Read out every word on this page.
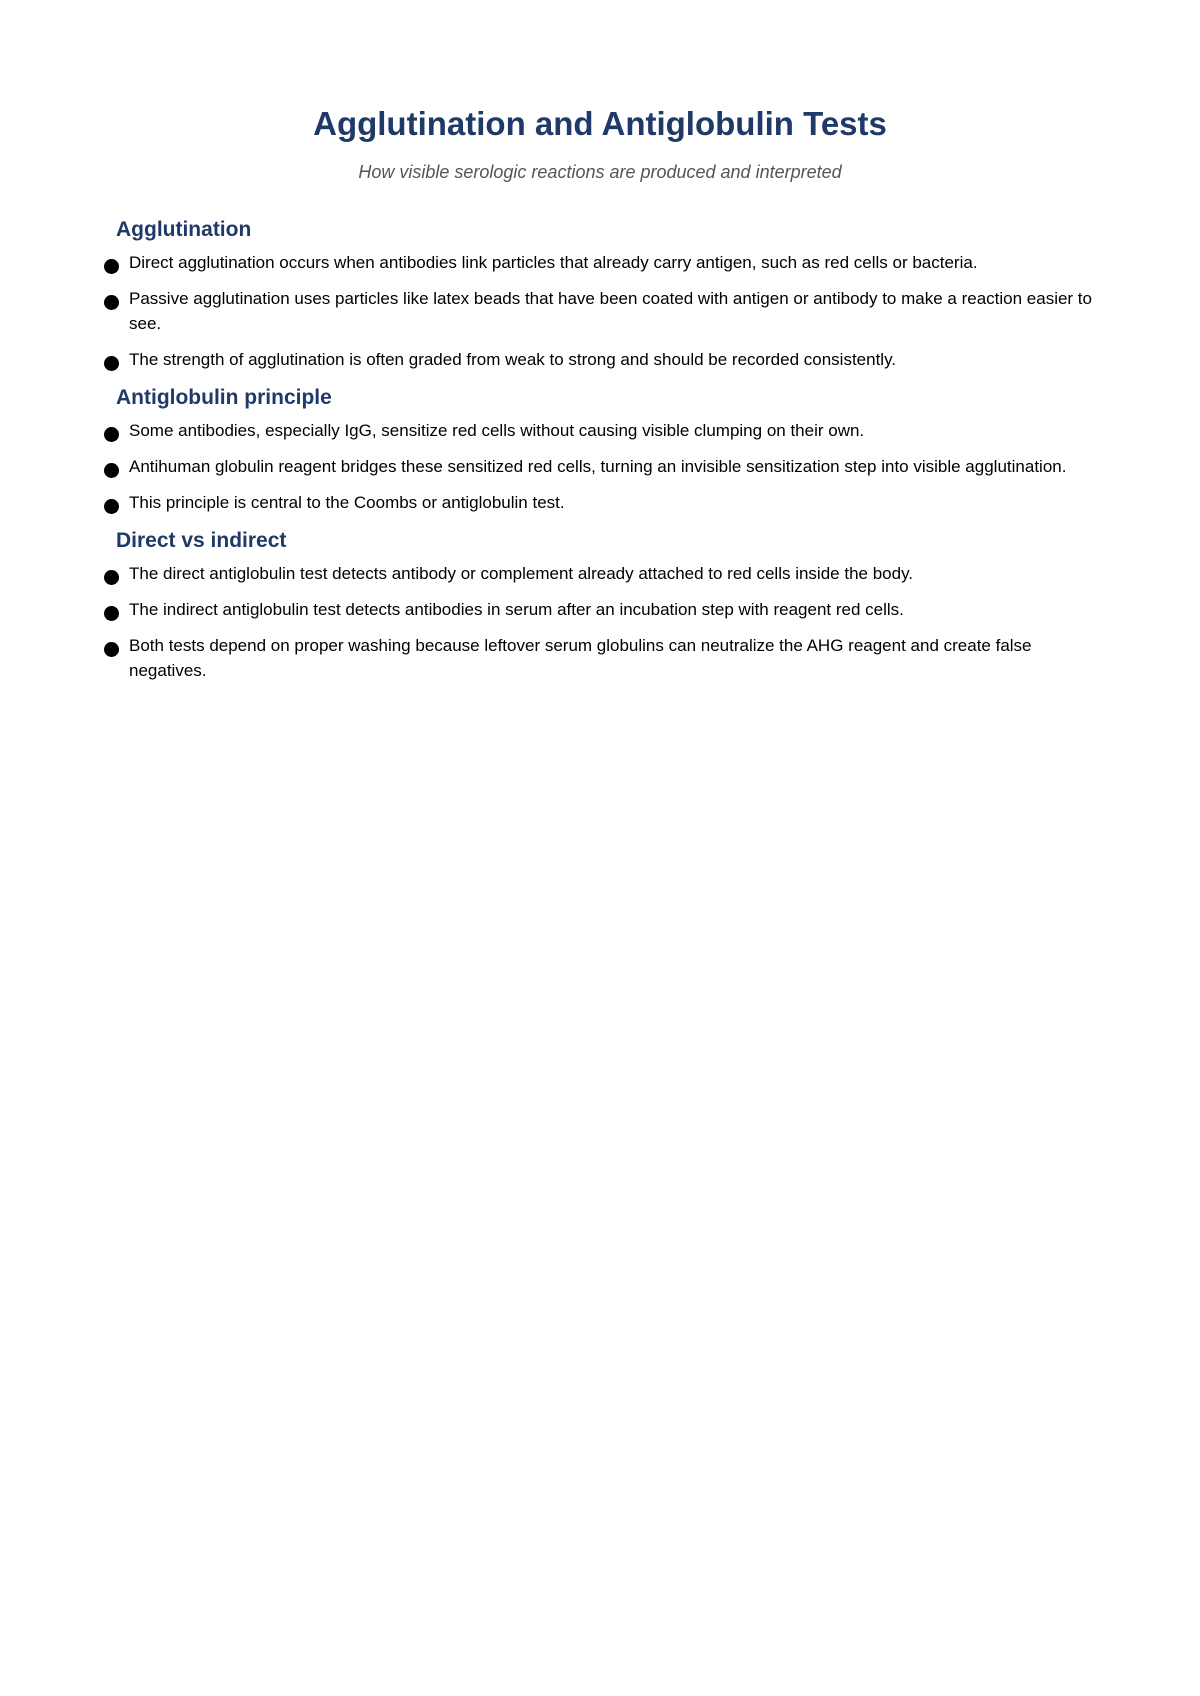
Agglutination and Antiglobulin Tests

How visible serologic reactions are produced and interpreted

Agglutination
Direct agglutination occurs when antibodies link particles that already carry antigen, such as red cells or bacteria.
Passive agglutination uses particles like latex beads that have been coated with antigen or antibody to make a reaction easier to see.
The strength of agglutination is often graded from weak to strong and should be recorded consistently.
Antiglobulin principle
Some antibodies, especially IgG, sensitize red cells without causing visible clumping on their own.
Antihuman globulin reagent bridges these sensitized red cells, turning an invisible sensitization step into visible agglutination.
This principle is central to the Coombs or antiglobulin test.
Direct vs indirect
The direct antiglobulin test detects antibody or complement already attached to red cells inside the body.
The indirect antiglobulin test detects antibodies in serum after an incubation step with reagent red cells.
Both tests depend on proper washing because leftover serum globulins can neutralize the AHG reagent and create false negatives.
